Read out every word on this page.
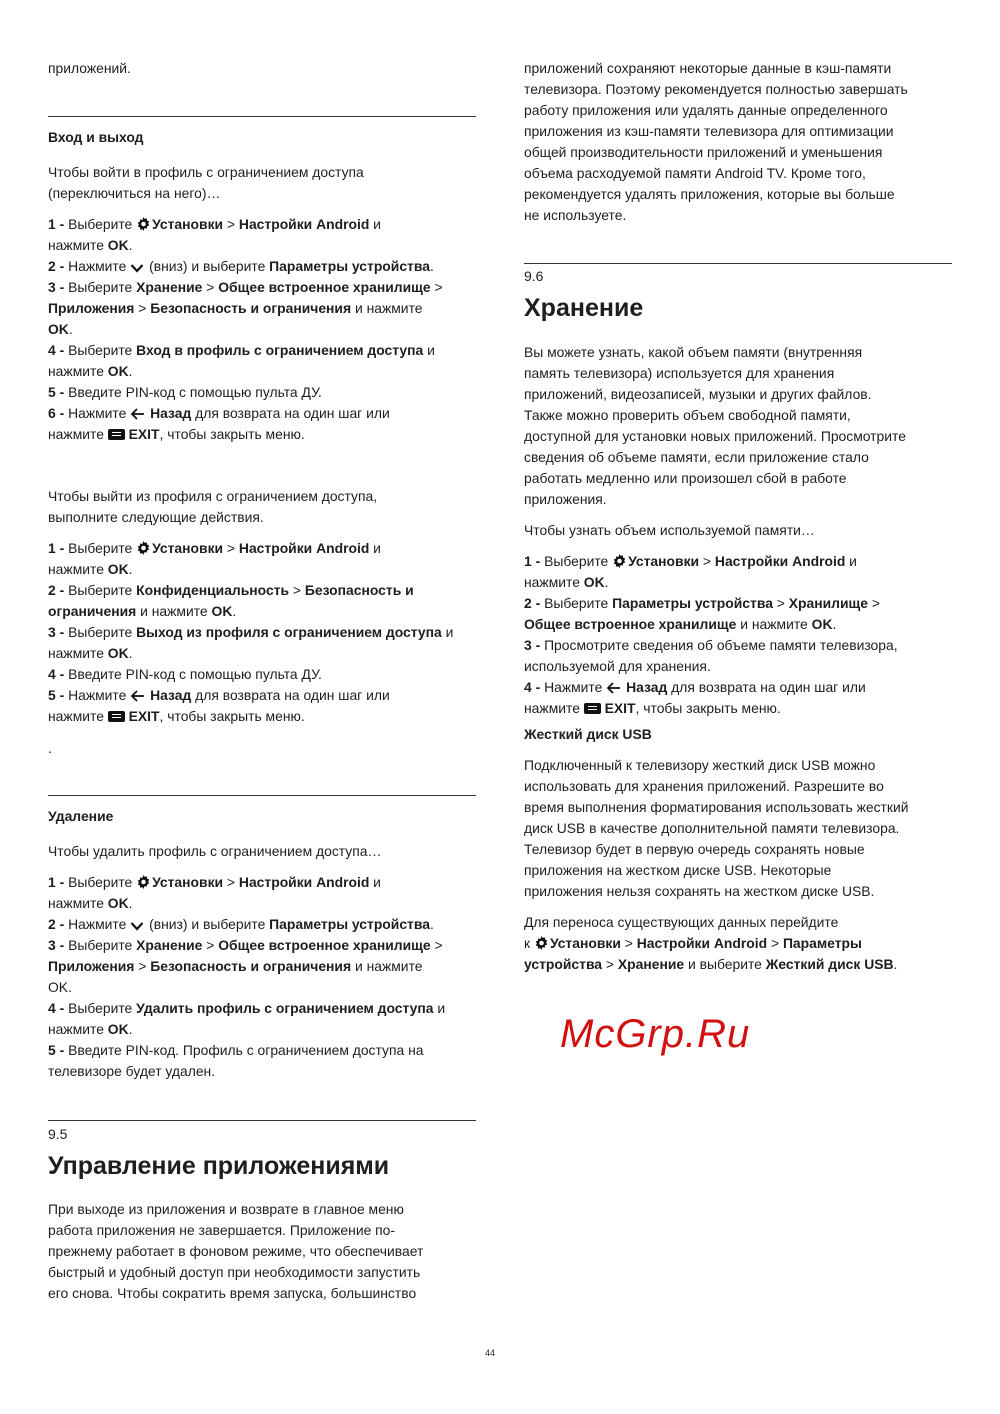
приложений.
Вход и выход
Чтобы войти в профиль с ограничением доступа
(переключиться на него)…
1 - Выберите Установки > Настройки Android и
нажмите OK.
2 - Нажмите  (вниз) и выберите Параметры устройства.
3 - Выберите Хранение > Общее встроенное хранилище >
Приложения > Безопасность и ограничения и нажмите
OK.
4 - Выберите Вход в профиль с ограничением доступа и
нажмите OK.
5 - Введите PIN-код с помощью пульта ДУ.
6 - Нажмите  Назад для возврата на один шаг или
нажмите  EXIT, чтобы закрыть меню.
Чтобы выйти из профиля с ограничением доступа,
выполните следующие действия.
1 - Выберите Установки > Настройки Android и
нажмите OK.
2 - Выберите Конфиденциальность > Безопасность и
ограничения и нажмите OK.
3 - Выберите Выход из профиля с ограничением доступа и
нажмите OK.
4 - Введите PIN-код с помощью пульта ДУ.
5 - Нажмите  Назад для возврата на один шаг или
нажмите  EXIT, чтобы закрыть меню.
.
Удаление
Чтобы удалить профиль с ограничением доступа…
1 - Выберите Установки > Настройки Android и
нажмите OK.
2 - Нажмите  (вниз) и выберите Параметры устройства.
3 - Выберите Хранение > Общее встроенное хранилище >
Приложения > Безопасность и ограничения и нажмите
OK.
4 - Выберите Удалить профиль с ограничением доступа и
нажмите OK.
5 - Введите PIN-код. Профиль с ограничением доступа на
телевизоре будет удален.
9.5
Управление приложениями
При выходе из приложения и возврате в главное меню
работа приложения не завершается. Приложение по-
прежнему работает в фоновом режиме, что обеспечивает
быстрый и удобный доступ при необходимости запустить
его снова. Чтобы сократить время запуска, большинство
приложений сохраняют некоторые данные в кэш-памяти
телевизора. Поэтому рекомендуется полностью завершать
работу приложения или удалять данные определенного
приложения из кэш-памяти телевизора для оптимизации
общей производительности приложений и уменьшения
объема расходуемой памяти Android TV. Кроме того,
рекомендуется удалять приложения, которые вы больше
не используете.
9.6
Хранение
Вы можете узнать, какой объем памяти (внутренняя
память телевизора) используется для хранения
приложений, видеозаписей, музыки и других файлов.
Также можно проверить объем свободной памяти,
доступной для установки новых приложений. Просмотрите
сведения об объеме памяти, если приложение стало
работать медленно или произошел сбой в работе
приложения.
Чтобы узнать объем используемой памяти…
1 - Выберите Установки > Настройки Android и
нажмите OK.
2 - Выберите Параметры устройства > Хранилище >
Общее встроенное хранилище и нажмите OK.
3 - Просмотрите сведения об объеме памяти телевизора,
используемой для хранения.
4 - Нажмите  Назад для возврата на один шаг или
нажмите  EXIT, чтобы закрыть меню.
Жесткий диск USB
Подключенный к телевизору жесткий диск USB можно
использовать для хранения приложений. Разрешите во
время выполнения форматирования использовать жесткий
диск USB в качестве дополнительной памяти телевизора.
Телевизор будет в первую очередь сохранять новые
приложения на жестком диске USB. Некоторые
приложения нельзя сохранять на жестком диске USB.
Для переноса существующих данных перейдите
к Установки > Настройки Android > Параметры
устройства > Хранение и выберите Жесткий диск USB.
McGrp.Ru
44
